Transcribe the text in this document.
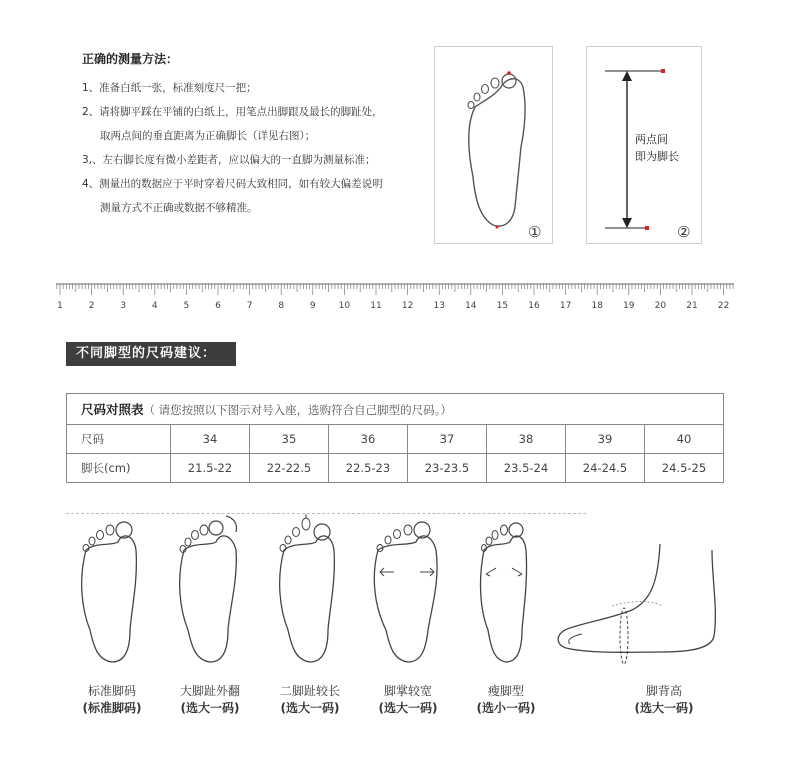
正确的测量方法：
1、准备白纸一张，标准刻度尺一把；
2、请将脚平踩在平铺的白纸上，用笔点出脚跟及最长的脚趾处，
取两点间的垂直距离为正确脚长（详见右图）；
3,、左右脚长度有微小差距者，应以偏大的一直脚为测量标准；
4、测量出的数据应于平时穿着尺码大致相同，如有较大偏差说明
测量方式不正确或数据不够精准。
①
两点间
即为脚长
②
1	2	3	4	5	6	7	8	9	10 11 12 13 14 15 16 17 18 19 20 21 22
不同脚型的尺码建议：
尺码对照表（ 请您按照以下图示对号入座，选购符合自己脚型的尺码。）							
尺码	34	35	36	37	38	39	40
脚长(cm)	21.5-22	22-22.5	22.5-23	23-23.5	23.5-24	24-24.5	24.5-25
标准脚码
(标准脚码)
大脚趾外翻
(选大一码)
二脚趾较长
(选大一码)
脚掌较宽
(选大一码)
瘦脚型
(选小一码)
脚背高
(选大一码)
